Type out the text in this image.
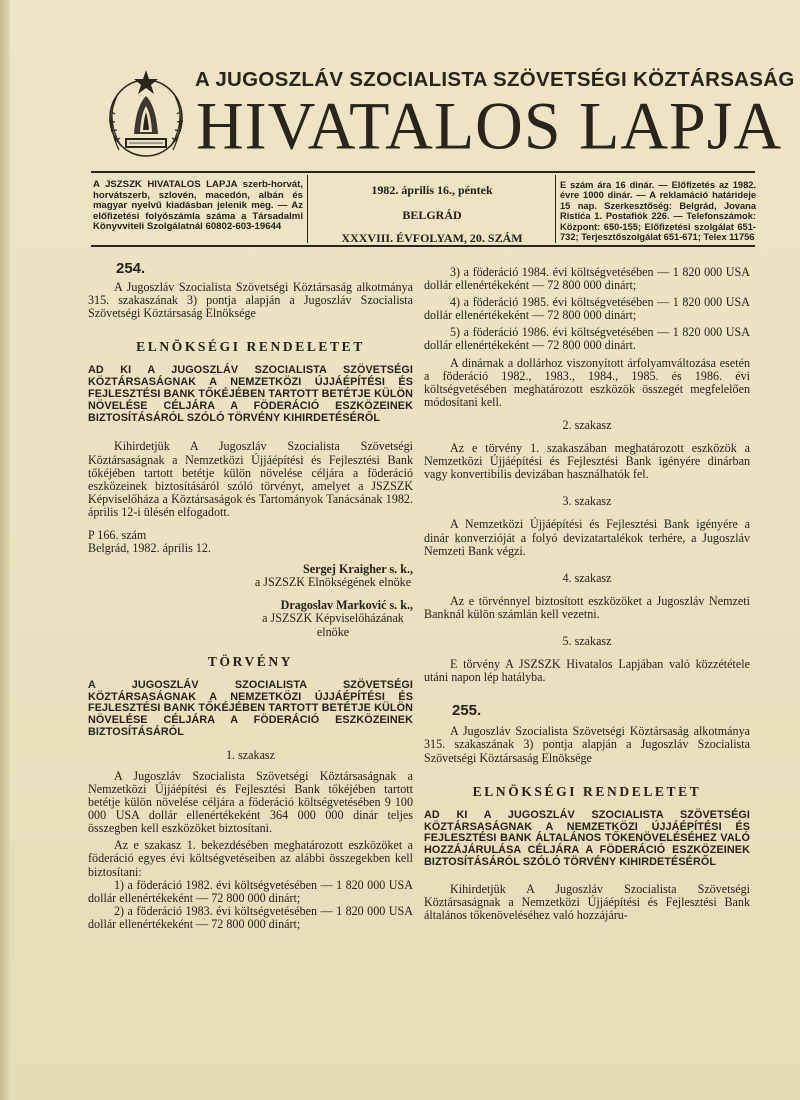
A JUGOSZLÁV SZOCIALISTA SZÖVETSÉGI KÖZTÁRSASÁG
HIVATALOS LAPJA
A JSZSZK HIVATALOS LAPJA szerb-horvát, horvátszerb, szlovén, macedón, albán és magyar nyelvű kiadásban jelenik meg. — Az előfizetési folyószámla száma a Társadalmi Könyvviteli Szolgálatnál 60802-603-19644
1982. április 16., péntek
BELGRÁD
XXXVIII. ÉVFOLYAM, 20. SZÁM
E szám ára 16 dinár. — Előfizetés az 1982. évre 1000 dinár. — A reklamáció határideje 15 nap. Szerkesztőség: Belgrád, Jovana Ristića 1. Postafiók 226. — Telefonszámok: Központ: 650-155; Előfizetési szolgálat 651-732; Terjesztőszolgálat 651-671; Telex 11756
254.

A Jugoszláv Szocialista Szövetségi Köztársaság alkotmánya 315. szakaszának 3) pontja alapján a Jugoszláv Szocialista Szövetségi Köztársaság Elnöksége

ELNÖKSÉGI RENDELETET

AD KI A JUGOSZLÁV SZOCIALISTA SZÖVETSÉGI KÖZTÁRSASÁGNAK A NEMZETKÖZI ÚJJÁÉPÍTÉSI ÉS FEJLESZTÉSI BANK TŐKÉJÉBEN TARTOTT BETÉTJE KÜLÖN NÖVELÉSE CÉLJÁRA A FÖDERÁCIÓ ESZKÖZEINEK BIZTOSÍTÁSÁRÓL SZÓLÓ TÖRVÉNY KIHIRDETÉSÉRŐL

Kihirdetjük A Jugoszláv Szocialista Szövetségi Köztársaságnak a Nemzetközi Újjáépítési és Fejlesztési Bank tőkéjében tartott betétje külön növelése céljára a föderáció eszközeinek biztosításáról szóló törvényt, amelyet a JSZSZK Képviselőháza a Köztársaságok és Tartományok Tanácsának 1982. április 12-i ülésén elfogadott.

P 166. szám

Belgrád, 1982. április 12.

Sergej Kraigher s. k.,
a JSZSZK Elnökségének elnöke
Dragoslav Marković s. k.,
a JSZSZK Képviselőházának elnöke
TÖRVÉNY

A JUGOSZLÁV SZOCIALISTA SZÖVETSÉGI KÖZTÁRSASÁGNAK A NEMZETKÖZI ÚJJÁÉPÍTÉSI ÉS FEJLESZTÉSI BANK TŐKÉJÉBEN TARTOTT BETÉTJE KÜLÖN NÖVELÉSE CÉLJÁRA A FÖDERÁCIÓ ESZKÖZEINEK BIZTOSÍTÁSÁRÓL

1. szakasz

A Jugoszláv Szocialista Szövetségi Köztársaságnak a Nemzetközi Újjáépítési és Fejlesztési Bank tőkéjében tartott betétje külön növelése céljára a föderáció költségvetésében 9 100 000 USA dollár ellenértékeként 364 000 000 dinár teljes összegben kell eszközöket biztosítani.

Az e szakasz 1. bekezdésében meghatározott eszközöket a föderáció egyes évi költségvetéseiben az alábbi összegekben kell biztosítani:

1) a föderáció 1982. évi költségvetésében — 1 820 000 USA dollár ellenértékeként — 72 800 000 dinárt;

2) a föderáció 1983. évi költségvetésében — 1 820 000 USA dollár ellenértékeként — 72 800 000 dinárt;

3) a föderáció 1984. évi költségvetésében — 1 820 000 USA dollár ellenértékeként — 72 800 000 dinárt;

4) a föderáció 1985. évi költségvetésében — 1 820 000 USA dollár ellenértékeként — 72 800 000 dinárt;

5) a föderáció 1986. évi költségvetésében — 1 820 000 USA dollár ellenértékeként — 72 800 000 dinárt.

A dinárnak a dollárhoz viszonyított árfolyamváltozása esetén a föderáció 1982., 1983., 1984., 1985. és 1986. évi költségvetésében meghatározott eszközök összegét megfelelően módosítani kell.

2. szakasz

Az e törvény 1. szakaszában meghatározott eszközök a Nemzetközi Újjáépítési és Fejlesztési Bank igényére dinárban vagy konvertibilis devizában használhatók fel.

3. szakasz

A Nemzetközi Újjáépítési és Fejlesztési Bank igényére a dinár konverzióját a folyó devizatartalékok terhére, a Jugoszláv Nemzeti Bank végzi.

4. szakasz

Az e törvénnyel biztosított eszközöket a Jugoszláv Nemzeti Banknál külön számlán kell vezetni.

5. szakasz

E törvény A JSZSZK Hivatalos Lapjában való közzététele utáni napon lép hatályba.

255.

A Jugoszláv Szocialista Szövetségi Köztársaság alkotmánya 315. szakaszának 3) pontja alapján a Jugoszláv Szocialista Szövetségi Köztársaság Elnöksége

ELNÖKSÉGI RENDELETET

AD KI A JUGOSZLÁV SZOCIALISTA SZÖVETSÉGI KÖZTÁRSASÁGNAK A NEMZETKÖZI ÚJJÁÉPÍTÉSI ÉS FEJLESZTÉSI BANK ÁLTALÁNOS TŐKENÖVELÉSÉHEZ VALÓ HOZZÁJÁRULÁSA CÉLJÁRA A FÖDERÁCIÓ ESZKÖZEINEK BIZTOSÍTÁSÁRÓL SZÓLÓ TÖRVÉNY KIHIRDETÉSÉRŐL

Kihirdetjük A Jugoszláv Szocialista Szövetségi Köztársaságnak a Nemzetközi Újjáépítési és Fejlesztési Bank általános tőkenöveléséhez való hozzájáru-
